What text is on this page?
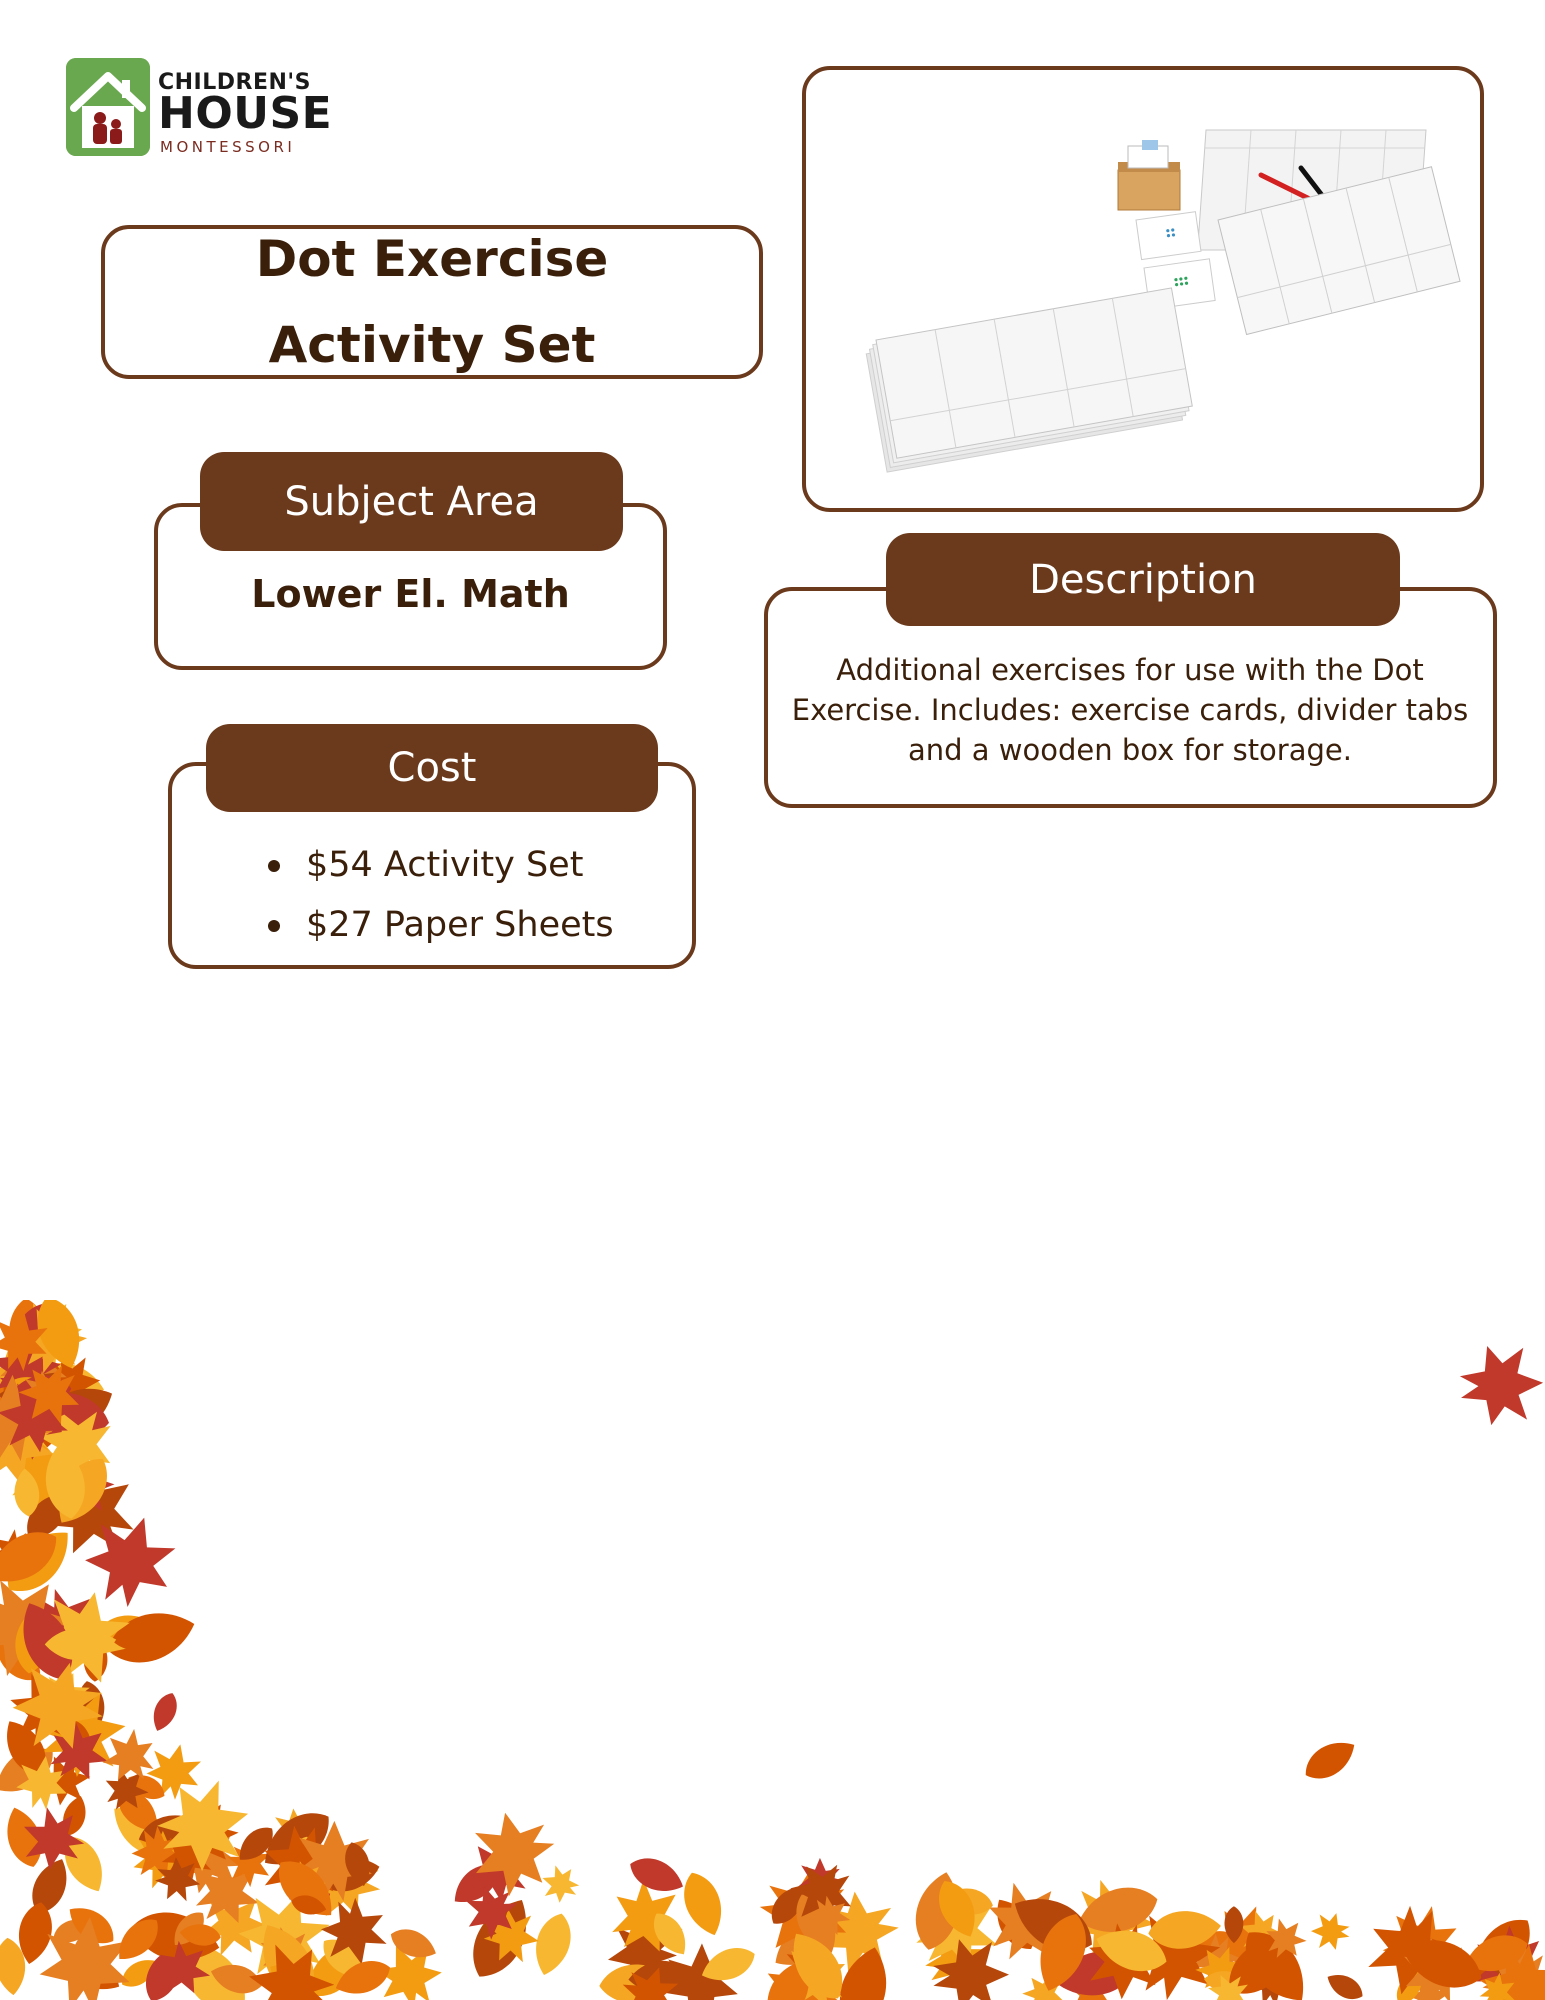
CHILDREN'S
HOUSE
MONTESSORI
Dot Exercise Activity Set
Subject Area
Lower El. Math
Cost
$54 Activity Set
$27 Paper Sheets
Description
Additional exercises for use with the Dot Exercise. Includes: exercise cards, divider tabs and a wooden box for storage.
